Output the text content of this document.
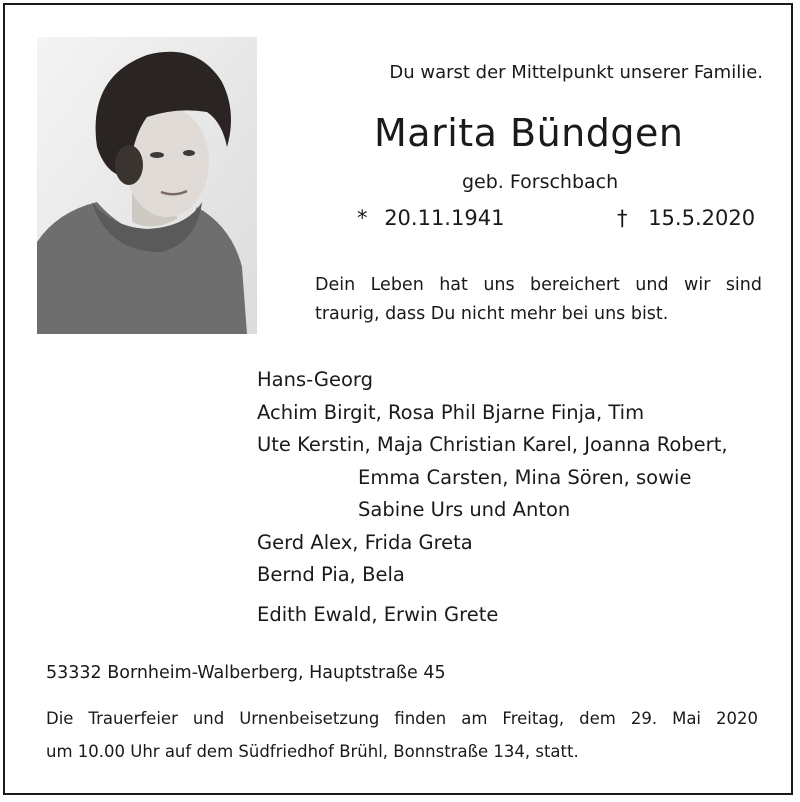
Du warst der Mittelpunkt unserer Familie.
Marita Bündgen
geb. Forschbach
* 20.11.1941	† 15.5.2020
Dein Leben hat uns bereichert und wir sind
traurig, dass Du nicht mehr bei uns bist.
Hans-Georg
Achim Birgit, Rosa Phil Bjarne Finja, Tim
Ute Kerstin, Maja Christian Karel, Joanna Robert,
Emma Carsten, Mina Sören, sowie
Sabine Urs und Anton
Gerd Alex, Frida Greta
Bernd Pia, Bela
Edith Ewald, Erwin Grete
53332 Bornheim-Walberberg, Hauptstraße 45
Die Trauerfeier und Urnenbeisetzung finden am Freitag, dem 29. Mai 2020
um 10.00 Uhr auf dem Südfriedhof Brühl, Bonnstraße 134, statt.
